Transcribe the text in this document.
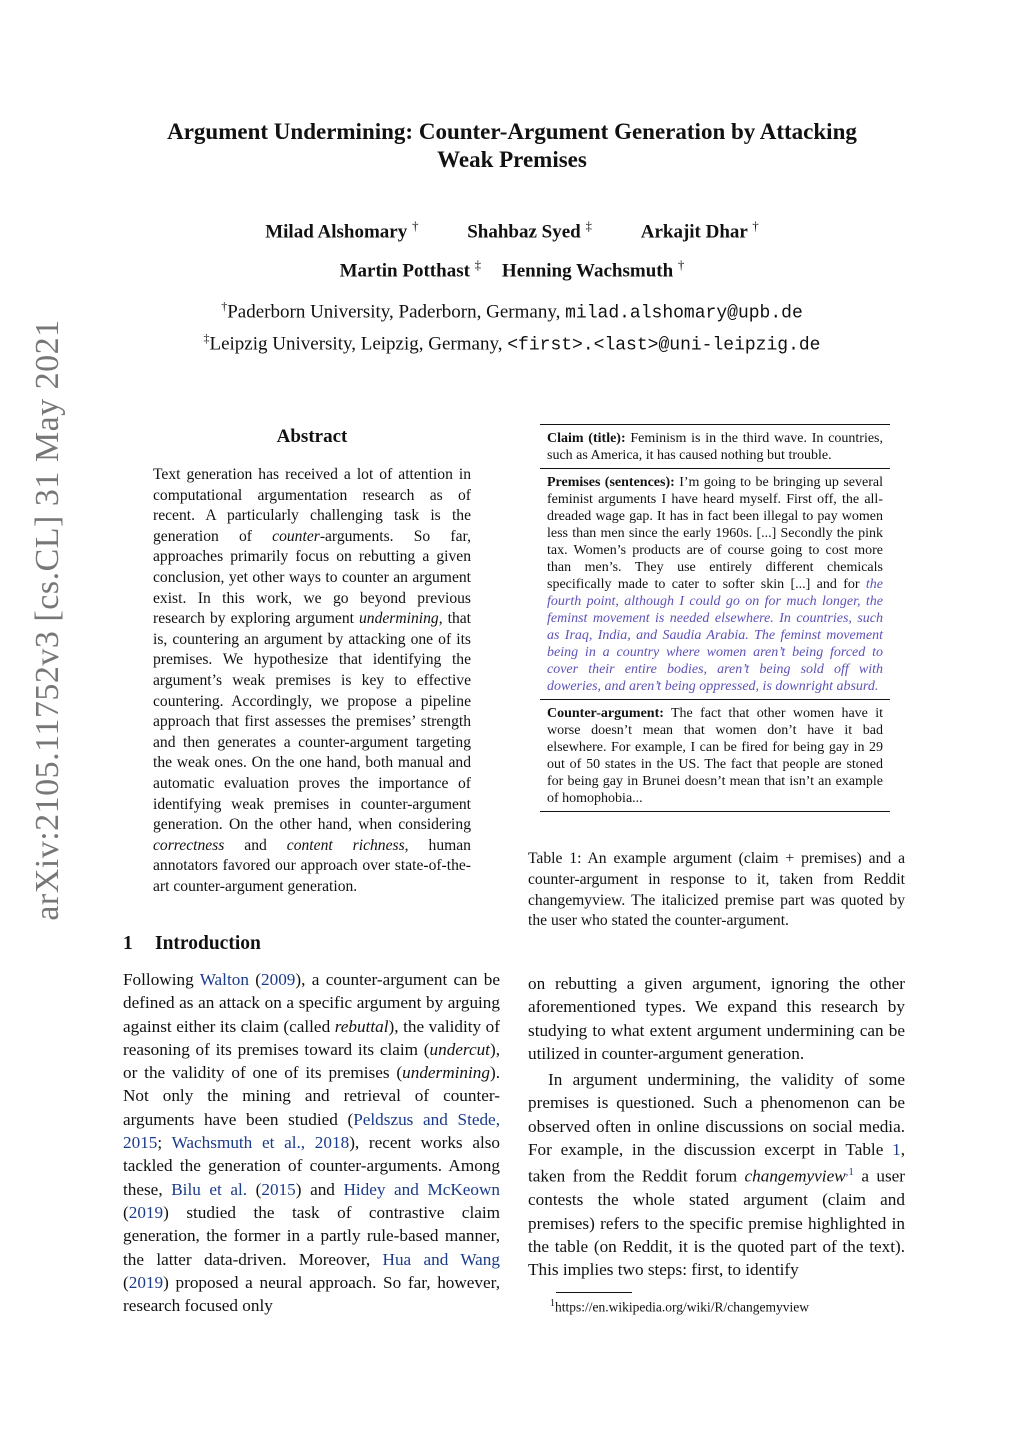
Argument Undermining: Counter-Argument Generation by Attacking
Weak Premises
Milad Alshomary †	Shahbaz Syed ‡	Arkajit Dhar †
Martin Potthast ‡ Henning Wachsmuth †
†Paderborn University, Paderborn, Germany, milad.alshomary@upb.de
‡Leipzig University, Leipzig, Germany, <first>.<last>@uni-leipzig.de
arXiv:2105.11752v3 [cs.CL] 31 May 2021	Abstract
Text generation has received a lot of attention in computational argumentation research as of recent. A particularly challenging task is the generation of counter-arguments. So far, approaches primarily focus on rebutting a given conclusion, yet other ways to counter an argument exist. In this work, we go beyond previous research by exploring argument undermining, that is, countering an argument by attacking one of its premises. We hypothesize that identifying the argument’s weak premises is key to effective countering. Accordingly, we propose a pipeline approach that first assesses the premises’ strength and then generates a counter-argument targeting the weak ones. On the one hand, both manual and automatic evaluation proves the importance of identifying weak premises in counter-argument generation. On the other hand, when considering correctness and content richness, human annotators favored our approach over state-of-the-art counter-argument generation.
1 Introduction
Following Walton (2009), a counter-argument can be defined as an attack on a specific argument by arguing against either its claim (called rebuttal), the validity of reasoning of its premises toward its claim (undercut), or the validity of one of its premises (undermining). Not only the mining and retrieval of counter-arguments have been studied (Peldszus and Stede, 2015; Wachsmuth et al., 2018), recent works also tackled the generation of counter-arguments. Among these, Bilu et al. (2015) and Hidey and McKeown (2019) studied the task of contrastive claim generation, the former in a partly rule-based manner, the latter data-driven. Moreover, Hua and Wang (2019) proposed a neural approach. So far, however, research focused only
Claim (title): Feminism is in the third wave. In countries, such as America, it has caused nothing but trouble.
Premises (sentences): I’m going to be bringing up several feminist arguments I have heard myself. First off, the all-dreaded wage gap. It has in fact been illegal to pay women less than men since the early 1960s. [...] Secondly the pink tax. Women’s products are of course going to cost more than men’s. They use entirely different chemicals specifically made to cater to softer skin [...] and for the fourth point, although I could go on for much longer, the feminst movement is needed elsewhere. In countries, such as Iraq, India, and Saudia Arabia. The feminst movement being in a country where women aren’t being forced to cover their entire bodies, aren’t being sold off with doweries, and aren’t being oppressed, is downright absurd.
Counter-argument: The fact that other women have it worse doesn’t mean that women don’t have it bad elsewhere. For example, I can be fired for being gay in 29 out of 50 states in the US. The fact that people are stoned for being gay in Brunei doesn’t mean that isn’t an example of homophobia...
Table 1: An example argument (claim + premises) and a counter-argument in response to it, taken from Reddit changemyview. The italicized premise part was quoted by the user who stated the counter-argument.
on rebutting a given argument, ignoring the other aforementioned types. We expand this research by studying to what extent argument undermining can be utilized in counter-argument generation.
In argument undermining, the validity of some premises is questioned. Such a phenomenon can be observed often in online discussions on social media. For example, in the discussion excerpt in Table 1, taken from the Reddit forum changemyview$^{,1}$ a user contests the whole stated argument (claim and premises) refers to the specific premise highlighted in the table (on Reddit, it is the quoted part of the text). This implies two steps: first, to identify
$^1$https://en.wikipedia.org/wiki/R/changemyview
